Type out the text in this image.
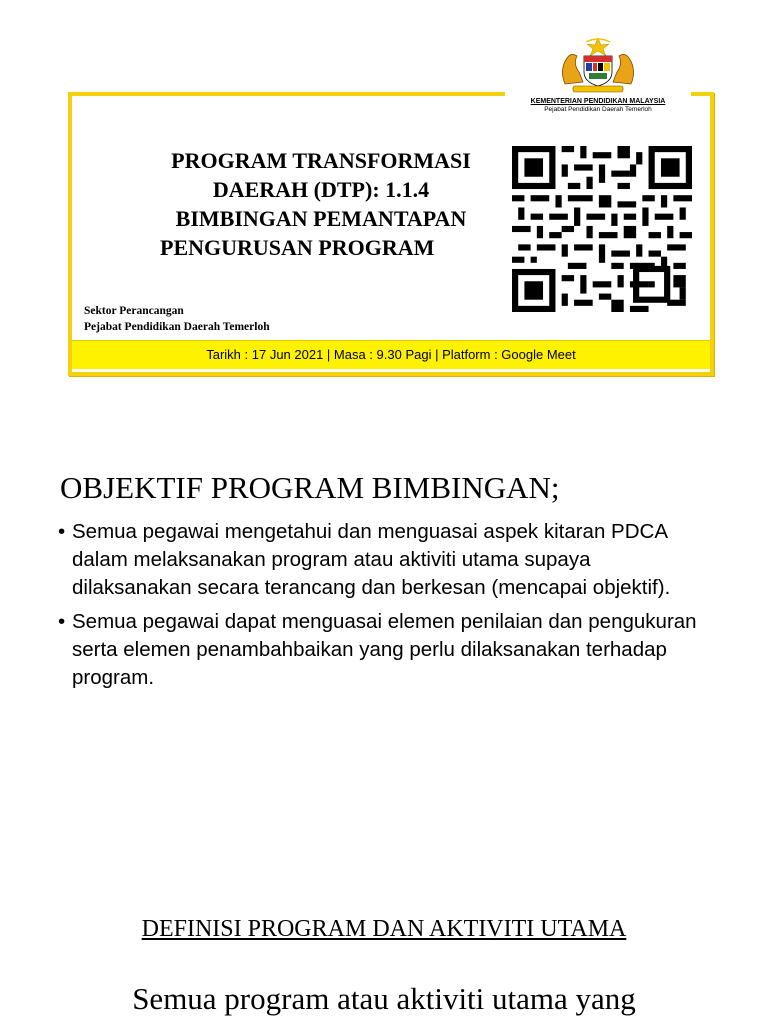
PROGRAM TRANSFORMASI
DAERAH (DTP): 1.1.4
BIMBINGAN PEMANTAPAN
PENGURUSAN PROGRAM
Sektor Perancangan
Pejabat Pendidikan Daerah Temerloh
Tarikh : 17 Jun 2021 | Masa : 9.30 Pagi | Platform : Google Meet
KEMENTERIAN PENDIDIKAN MALAYSIA
Pejabat Pendidikan Daerah Temerloh
OBJEKTIF PROGRAM BIMBINGAN;
• Semua pegawai mengetahui dan menguasai aspek kitaran PDCA dalam melaksanakan program atau aktiviti utama supaya dilaksanakan secara terancang dan berkesan (mencapai objektif).
• Semua pegawai dapat menguasai elemen penilaian dan pengukuran serta elemen penambahbaikan yang perlu dilaksanakan terhadap program.
DEFINISI PROGRAM DAN AKTIVITI UTAMA

Semua program atau aktiviti utama yang
